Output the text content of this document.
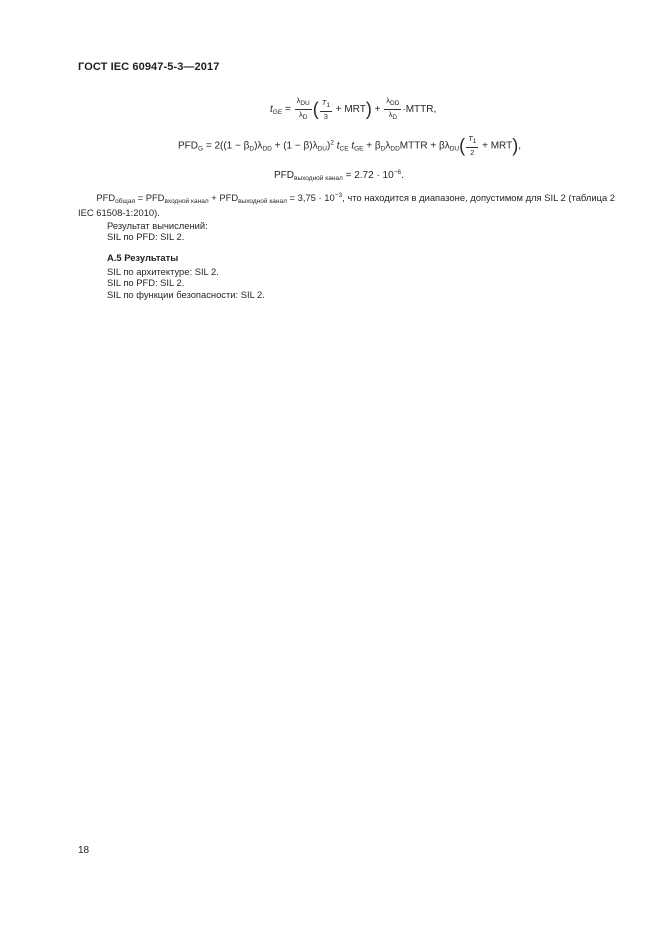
ГОСТ IEC 60947-5-3—2017
$t_{GE} = \frac{\lambda_{DU}}{\lambda_D}$ ( $\frac{T_1}{3} + MRT) + \frac{\lambda_{DD}}{\lambda_D}$ ·MTTR,
$PFD_G = 2((1 - \beta_D)\lambda_{DD} + (1 - \beta)\lambda_{DU})^2$ $t_{CE}$ $t_{GE}$ + $\beta_D\lambda_{DD}MTTR + \beta\lambda_{DU}( \frac{T_1}{2} + MRT)$,
$PFD_{выходной канал} = 2.72 \cdot 10^{-6}$.
$PFD_{общая} = PFD_{входной канал} + PFD_{выходной канал} = 3,75 \cdot 10^{-3}$, что находится в диапазоне, допустимом для SIL 2 (таблица 2 IEC 61508-1:2010).
Результат вычислений:
SIL по PFD: SIL 2.
A.5 Результаты
SIL по архитектуре: SIL 2.
SIL по PFD: SIL 2.
SIL по функции безопасности: SIL 2.
18
